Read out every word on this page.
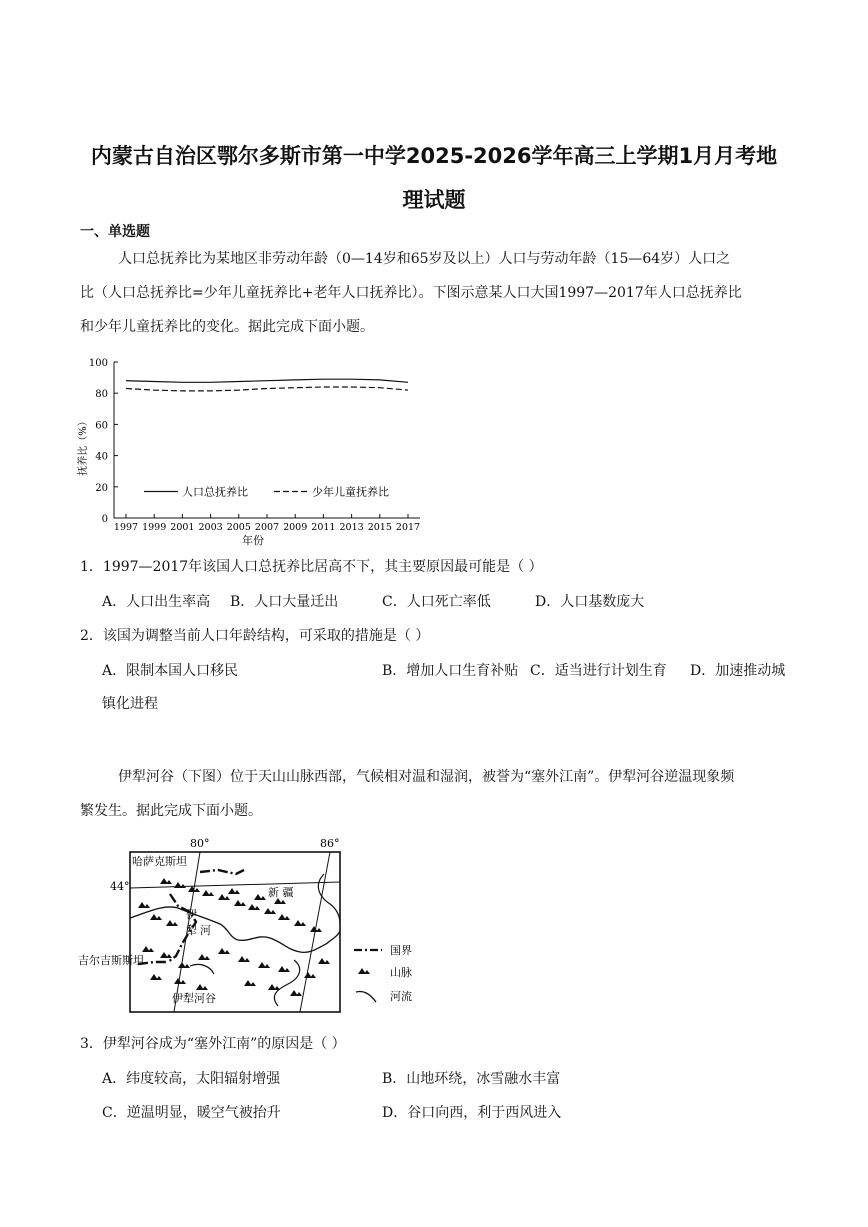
内蒙古自治区鄂尔多斯市第一中学2025-2026学年高三上学期1月月考地
理试题
一、单选题
人口总抚养比为某地区非劳动年龄（0—14岁和65岁及以上）人口与劳动年龄（15—64岁）人口之
比（人口总抚养比=少年儿童抚养比+老年人口抚养比）。下图示意某人口大国1997—2017年人口总抚养比
和少年儿童抚养比的变化。据此完成下面小题。
0
20
40
60
80
100
1997 1999 2001 2003 2005 2007 2009 2011 2013 2015 2017
年份
抚养比（%）
人口总抚养比	少年儿童抚养比
1．1997—2017年该国人口总抚养比居高不下，其主要原因最可能是（ ）
A．人口出生率高 B．人口大量迁出	C．人口死亡率低	D．人口基数庞大
2．该国为调整当前人口年龄结构，可采取的措施是（ ）
A．限制本国人口移民	B．增加人口生育补贴 C．适当进行计划生育 D．加速推动城
镇化进程
伊犁河谷（下图）位于天山山脉西部，气候相对温和湿润，被誉为“塞外江南”。伊犁河谷逆温现象频
繁发生。据此完成下面小题。
80°	86°
44°
哈萨克斯坦
新 疆
吉尔吉斯斯坦
伊
犁 河
伊犁河谷
国界
山脉
河流
3．伊犁河谷成为“塞外江南”的原因是（ ）
A．纬度较高，太阳辐射增强	B．山地环绕，冰雪融水丰富
C．逆温明显，暖空气被抬升	D．谷口向西，利于西风进入
